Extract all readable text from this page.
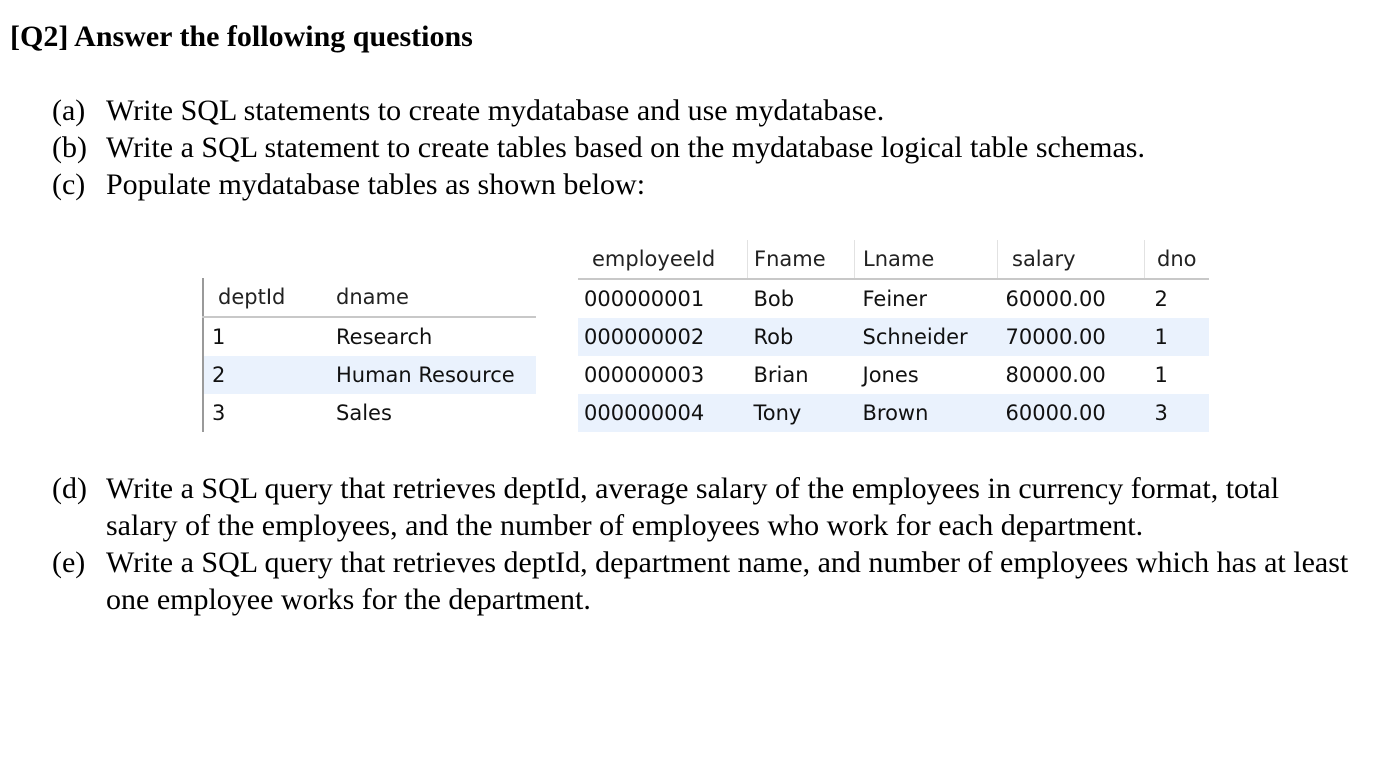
[Q2] Answer the following questions
(a) Write SQL statements to create mydatabase and use mydatabase.
(b) Write a SQL statement to create tables based on the mydatabase logical table schemas.
(c) Populate mydatabase tables as shown below:
deptId	dname
1	Research
2	Human Resource
3	Sales
employeeId	Fname	Lname	salary	dno
000000001	Bob	Feiner	60000.00	2
000000002	Rob	Schneider	70000.00	1
000000003	Brian	Jones	80000.00	1
000000004	Tony	Brown	60000.00	3
(d) Write a SQL query that retrieves deptId, average salary of the employees in currency format, total salary of the employees, and the number of employees who work for each department.
(e) Write a SQL query that retrieves deptId, department name, and number of employees which has at least one employee works for the department.
